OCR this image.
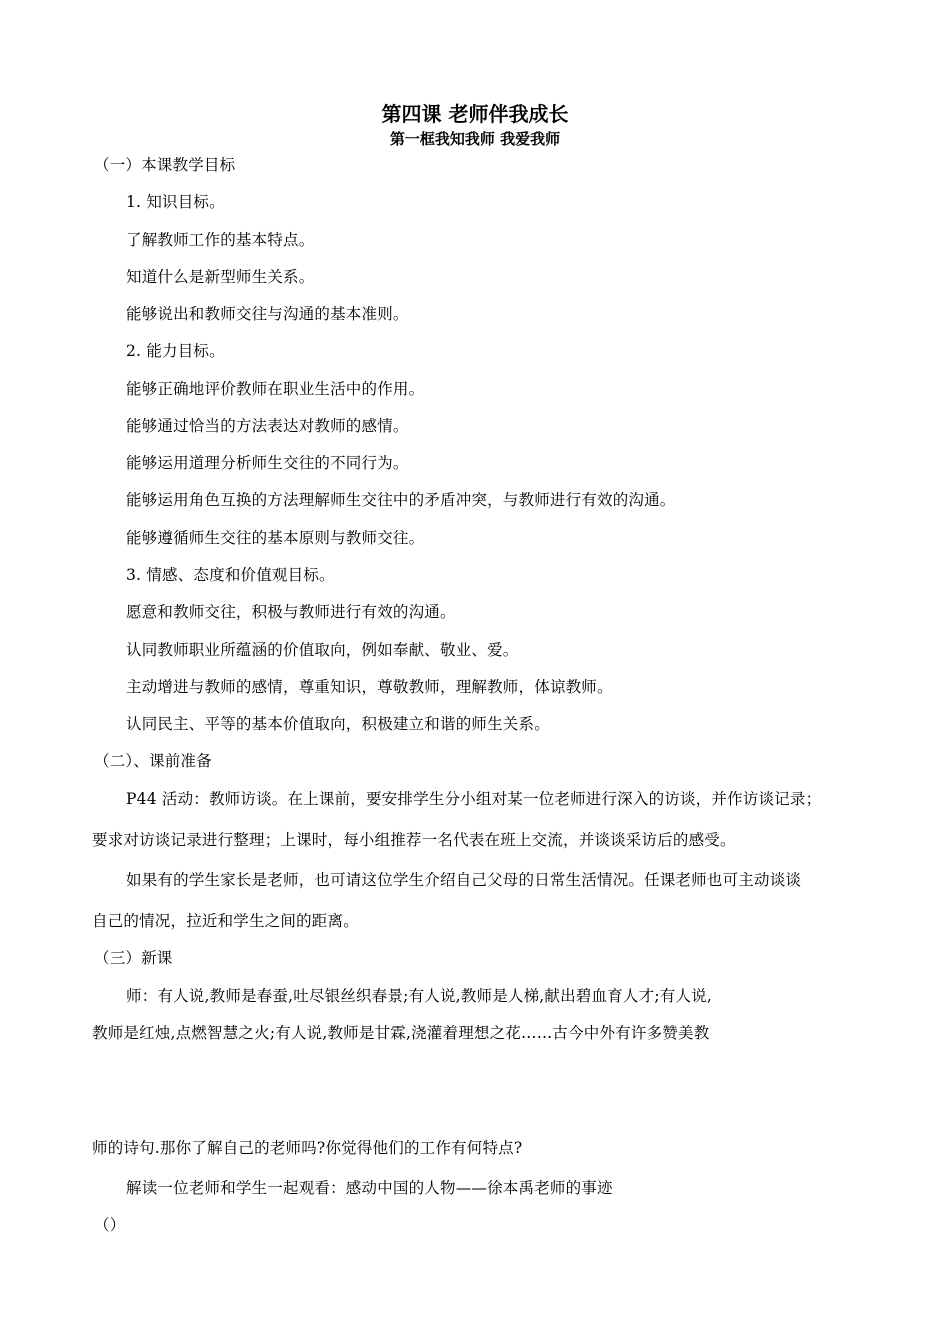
第四课 老师伴我成长
第一框我知我师 我爱我师
（一）本课教学目标
1. 知识目标。
了解教师工作的基本特点。
知道什么是新型师生关系。
能够说出和教师交往与沟通的基本准则。
2. 能力目标。
能够正确地评价教师在职业生活中的作用。
能够通过恰当的方法表达对教师的感情。
能够运用道理分析师生交往的不同行为。
能够运用角色互换的方法理解师生交往中的矛盾冲突，与教师进行有效的沟通。
能够遵循师生交往的基本原则与教师交往。
3. 情感、态度和价值观目标。
愿意和教师交往，积极与教师进行有效的沟通。
认同教师职业所蕴涵的价值取向，例如奉献、敬业、爱。
主动增进与教师的感情，尊重知识，尊敬教师，理解教师，体谅教师。
认同民主、平等的基本价值取向，积极建立和谐的师生关系。
（二）、课前准备
P44 活动：教师访谈。在上课前，要安排学生分小组对某一位老师进行深入的访谈，并作访谈记录；
要求对访谈记录进行整理；上课时，每小组推荐一名代表在班上交流，并谈谈采访后的感受。
如果有的学生家长是老师，也可请这位学生介绍自己父母的日常生活情况。任课老师也可主动谈谈
自己的情况，拉近和学生之间的距离。
（三）新课
师：有人说,教师是春蚕,吐尽银丝织春景;有人说,教师是人梯,献出碧血育人才;有人说,
教师是红烛,点燃智慧之火;有人说,教师是甘霖,浇灌着理想之花……古今中外有许多赞美教
师的诗句.那你了解自己的老师吗?你觉得他们的工作有何特点?
解读一位老师和学生一起观看：感动中国的人物——徐本禹老师的事迹
（）
